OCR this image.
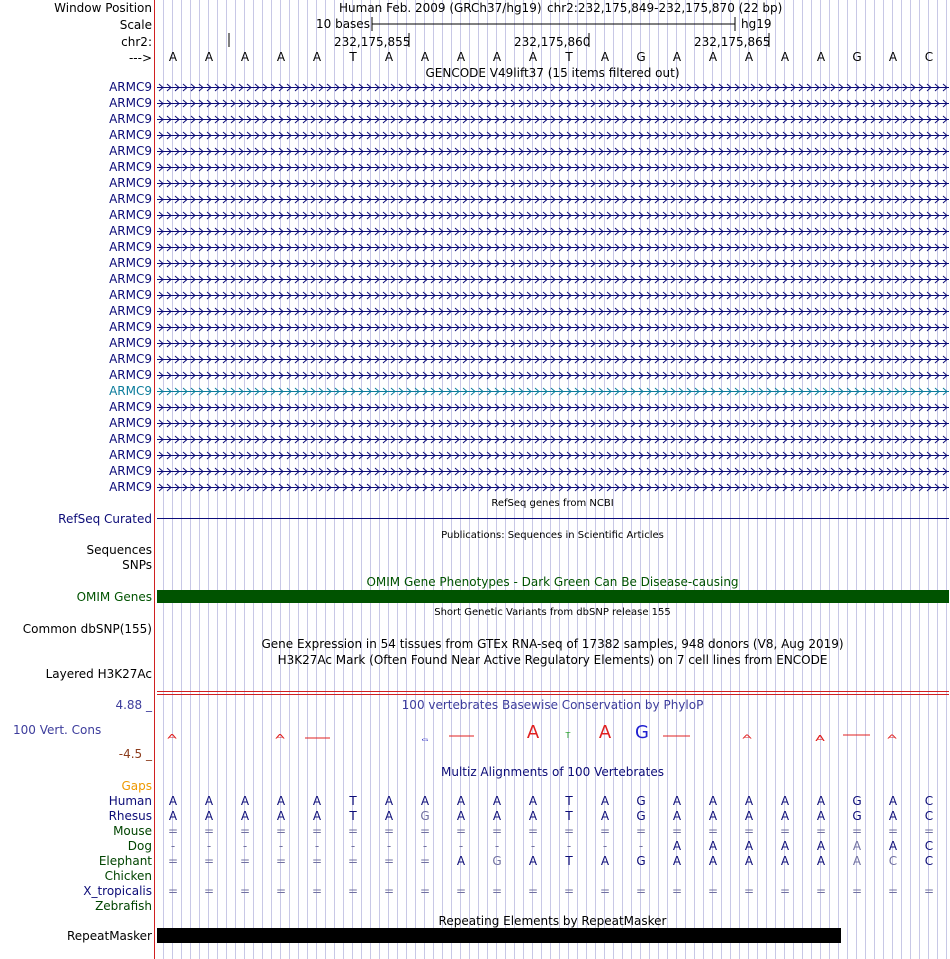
Window Position	Human Feb. 2009 (GRCh37/hg19) chr2:232,175,849-232,175,870 (22 bp)
Scale	10 bases	hg19
chr2:	232,175,855	232,175,860	232,175,865
--->	A	A	A	A	A	T	A	A	A	A	A	T	A	G	A	A	A	A	A	G	A	C
GENCODE V49lift37 (15 items filtered out)
ARMC9
ARMC9
ARMC9
ARMC9
ARMC9
ARMC9
ARMC9
ARMC9
ARMC9
ARMC9
ARMC9
ARMC9
ARMC9
ARMC9
ARMC9
ARMC9
ARMC9
ARMC9
ARMC9
ARMC9
ARMC9
ARMC9
ARMC9
ARMC9
ARMC9
ARMC9
RefSeq genes from NCBI
RefSeq Curated
Publications: Sequences in Scientific Articles
Sequences
SNPs
OMIM Gene Phenotypes - Dark Green Can Be Disease-causing
OMIM Genes
Short Genetic Variants from dbSNP release 155
Common dbSNP(155)
Gene Expression in 54 tissues from GTEx RNA-seq of 17382 samples, 948 donors (V8, Aug 2019)
H3K27Ac Mark (Often Found Near Active Regulatory Elements) on 7 cell lines from ENCODE
Layered H3K27Ac
100 vertebrates Basewise Conservation by PhyloP
4.88 _
100 Vert. Cons
-4.5 _
A	A	G	A	T A G	A	A	A
Multiz Alignments of 100 Vertebrates
Gaps
Human	A	A	A	A	A	T	A	A	A	A	A	T	A	G	A	A	A	A	A	G	A	C
Rhesus	A	A	A	A	A	T	A	G	A	A	A	T	A	G	A	A	A	A	A	G	A	C
Mouse	=	=	=	=	=	=	=	=	=	=	=	=	=	=	=	=	=	=	=	=	=	=
Dog	-	-	-	-	-	-	-	-	-	-	-	-	-	-	A	A	A	A	A	A	A	C
Elephant	=	=	=	=	=	=	=	=	A	G	A	T	A	G	A	A	A	A	A	A	C	C
Chicken
X_tropicalis	=	=	=	=	=	=	=	=	=	=	=	=	=	=	=	=	=	=	=	=	=	=
Zebrafish
Repeating Elements by RepeatMasker
RepeatMasker
